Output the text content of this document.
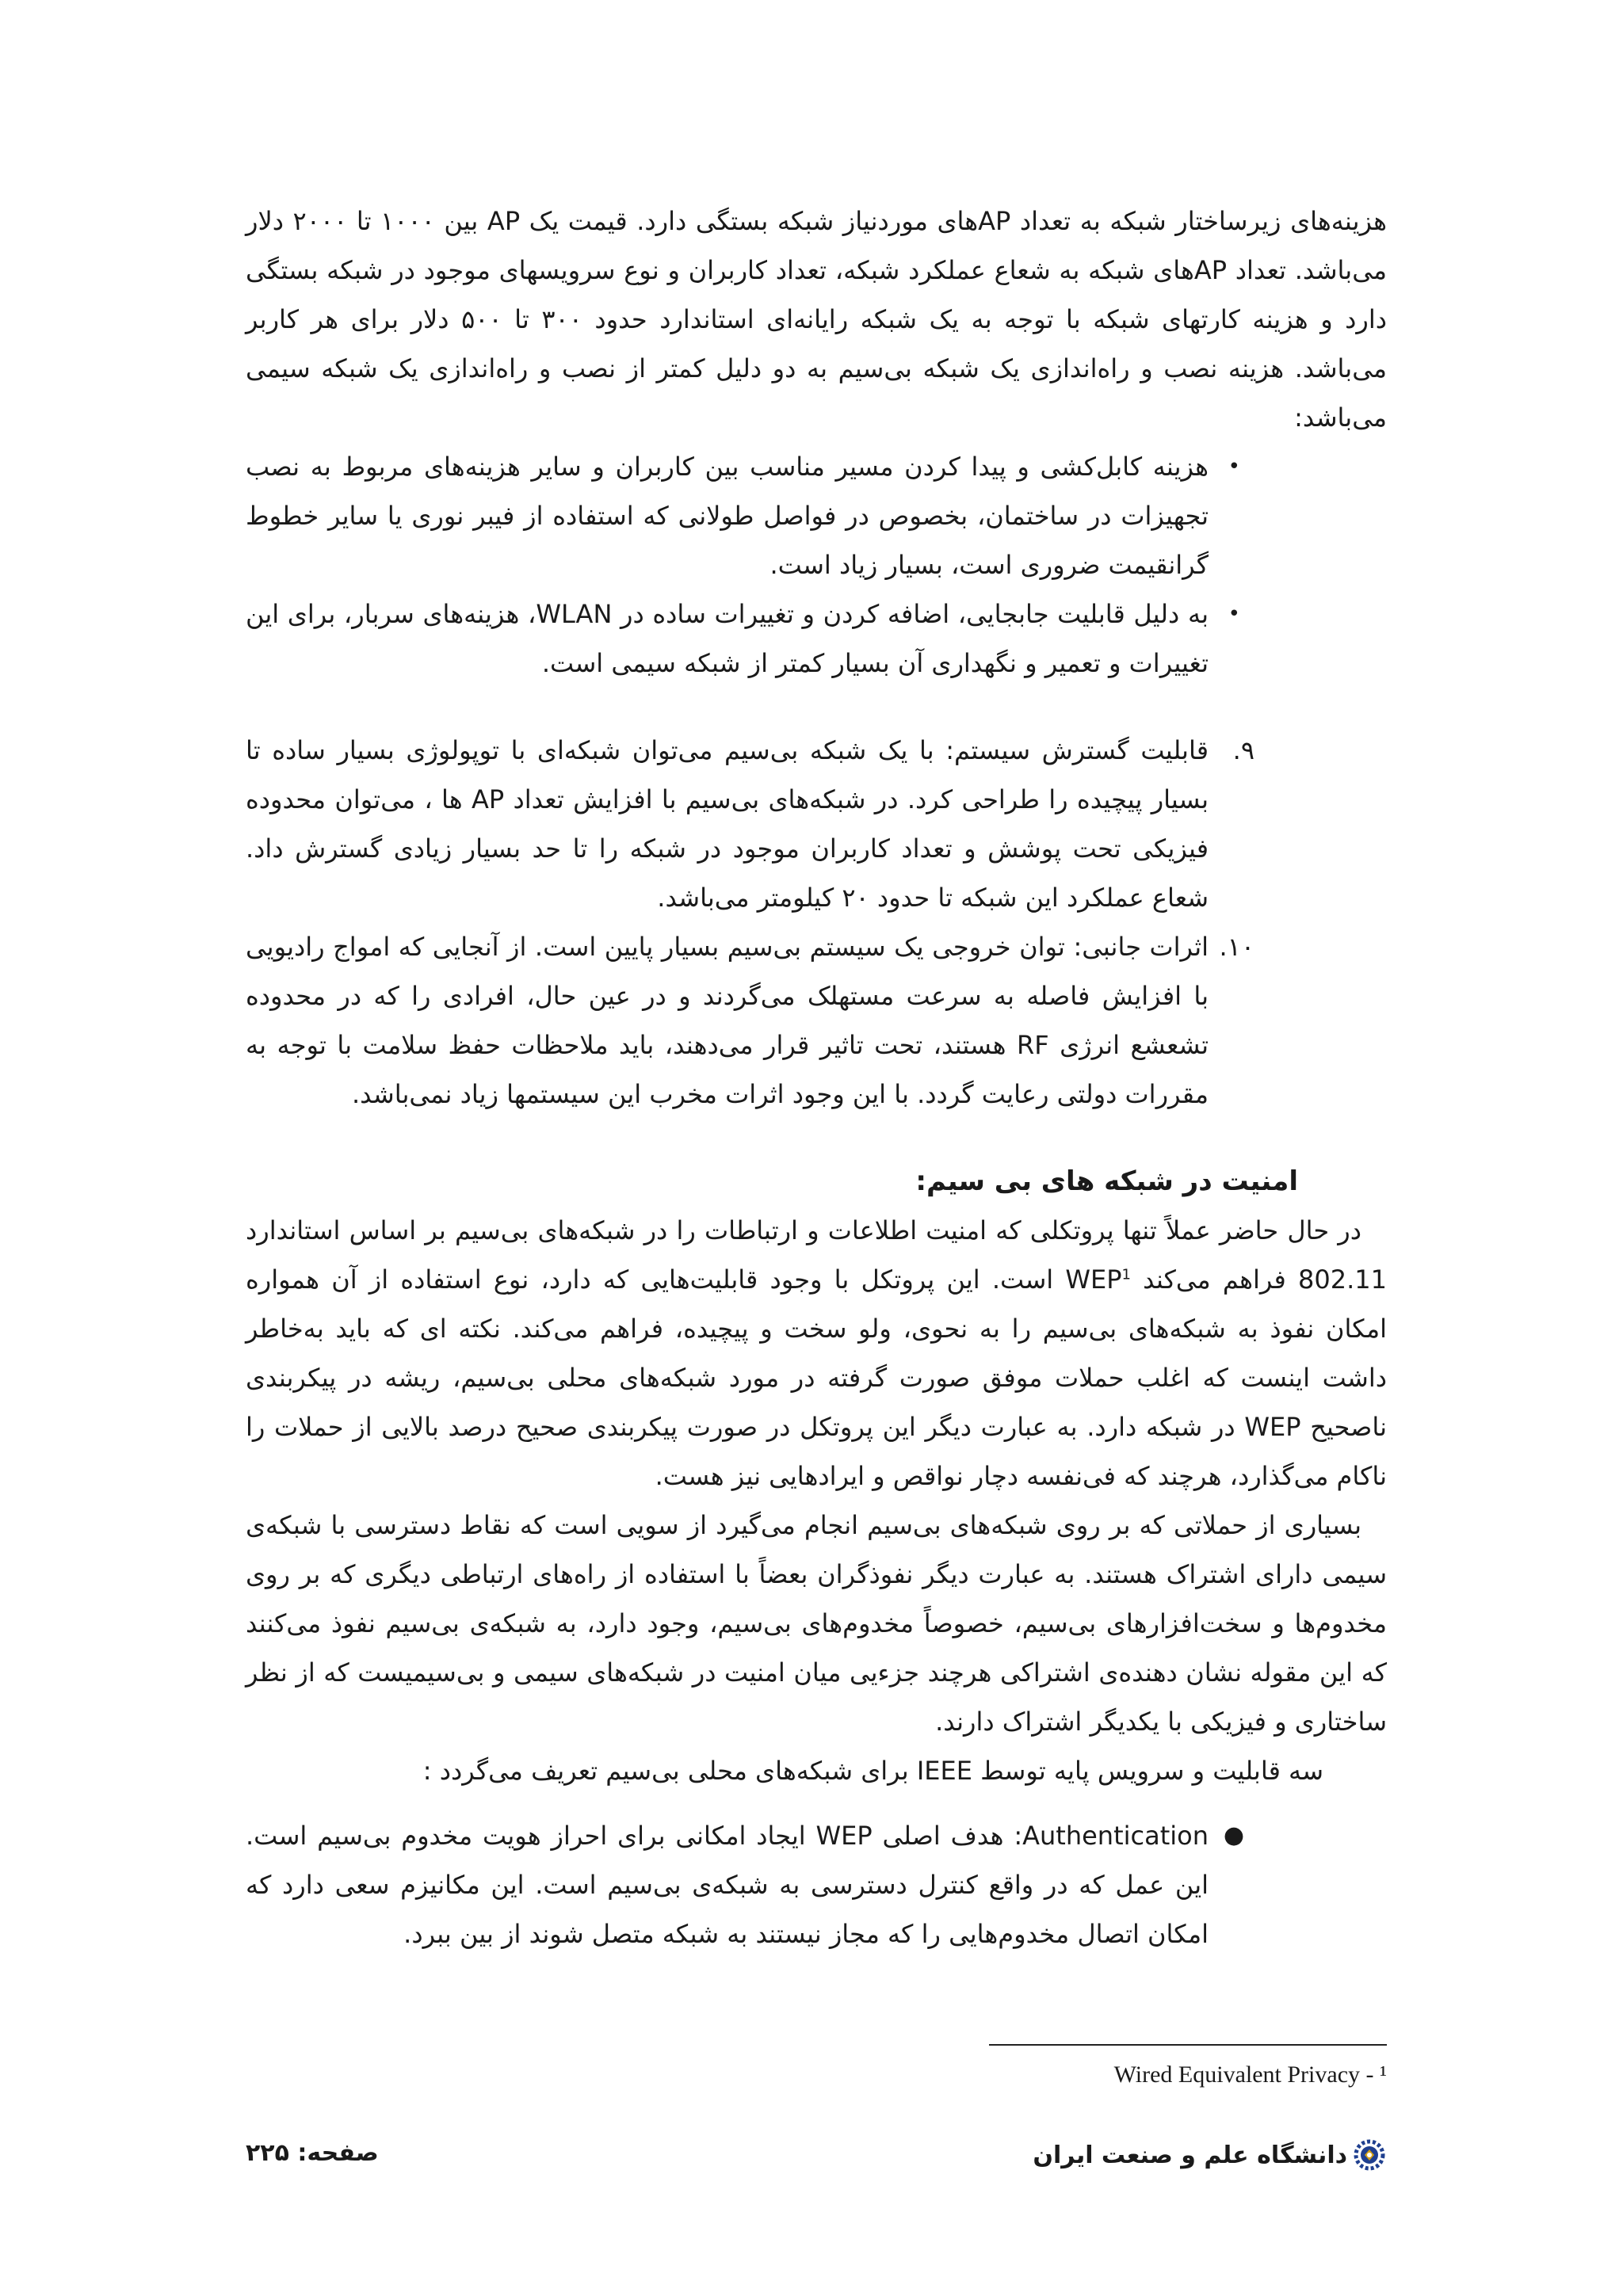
هزینه‌های زیرساختار شبکه به تعداد APهای موردنیاز شبکه بستگی دارد. قیمت یک AP بین ۱۰۰۰ تا ۲۰۰۰ دلار می‌باشد. تعداد APهای شبکه به شعاع عملکرد شبکه، تعداد کاربران و نوع سرویسهای موجود در شبکه بستگی دارد و هزینه کارتهای شبکه با توجه به یک شبکه رایانه‌ای استاندارد حدود ۳۰۰ تا ۵۰۰ دلار برای هر کاربر می‌باشد. هزینه نصب و راه‌اندازی یک شبکه بی‌سیم به دو دلیل کمتر از نصب و راه‌اندازی یک شبکه سیمی می‌باشد:
•
هزینه کابل‌کشی و پیدا کردن مسیر مناسب بین کاربران و سایر هزینه‌های مربوط به نصب تجهیزات در ساختمان، بخصوص در فواصل طولانی که استفاده از فیبر نوری یا سایر خطوط گرانقیمت ضروری است، بسیار زیاد است.
•
به دلیل قابلیت جابجایی، اضافه کردن و تغییرات ساده در WLAN، هزینه‌های سربار، برای این تغییرات و تعمیر و نگهداری آن بسیار کمتر از شبکه سیمی است.
۹.
قابلیت گسترش سیستم: با یک شبکه بی‌سیم می‌توان شبکه‌ای با توپولوژی بسیار ساده تا بسیار پیچیده را طراحی کرد. در شبکه‌های بی‌سیم با افزایش تعداد AP ها ، می‌توان محدوده فیزیکی تحت پوشش و تعداد کاربران موجود در شبکه را تا حد بسیار زیادی گسترش داد. شعاع عملکرد این شبکه تا حدود ۲۰ کیلومتر می‌باشد.
۱۰.
اثرات جانبی: توان خروجی یک سیستم بی‌سیم بسیار پایین است. از آنجایی که امواج رادیویی با افزایش فاصله به سرعت مستهلک می‌گردند و در عین حال، افرادی را که در محدوده تشعشع انرژی RF هستند، تحت تاثیر قرار می‌دهند، باید ملاحظات حفظ سلامت با توجه به مقررات دولتی رعایت گردد. با این وجود اثرات مخرب این سیستمها زیاد نمی‌باشد.
امنیت در شبکه های بی سیم:
در حال حاضر عملاً تنها پروتکلی که امنیت اطلاعات و ارتباطات را در شبکه‌های بی‌سیم بر اساس استاندارد 802.11 فراهم می‌کند WEP$^1$ است. این پروتکل با وجود قابلیت‌هایی که دارد، نوع استفاده از آن همواره امکان نفوذ به شبکه‌های بی‌سیم را به نحوی، ولو سخت و پیچیده، فراهم می‌کند. نکته ای که باید به‌خاطر داشت اینست که اغلب حملات موفق صورت گرفته در مورد شبکه‌های محلی بی‌سیم، ریشه در پیکربندی ناصحیح WEP در شبکه دارد. به عبارت دیگر این پروتکل در صورت پیکربندی صحیح درصد بالایی از حملات را ناکام می‌گذارد، هرچند که فی‌نفسه دچار نواقص و ایرادهایی نیز هست.
بسیاری از حملاتی که بر روی شبکه‌های بی‌سیم انجام می‌گیرد از سویی است که نقاط دسترسی با شبکه‌ی سیمی دارای اشتراک هستند. به عبارت دیگر نفوذگران بعضاً با استفاده از راه‌های ارتباطی دیگری که بر روی مخدوم‌ها و سخت‌افزارهای بی‌سیم، خصوصاً مخدوم‌های بی‌سیم، وجود دارد، به شبکه‌ی بی‌سیم نفوذ می‌کنند که این مقوله نشان دهنده‌ی اشتراکی هرچند جزءیی میان امنیت در شبکه‌های سیمی و بی‌سیمیست که از نظر ساختاری و فیزیکی با یکدیگر اشتراک دارند.
سه قابلیت و سرویس پایه توسط IEEE برای شبکه‌های محلی بی‌سیم تعریف می‌گردد :
●
Authentication: هدف اصلی WEP ایجاد امکانی برای احراز هویت مخدوم بی‌سیم است. این عمل که در واقع کنترل دسترسی به شبکه‌ی بی‌سیم است. این مکانیزم سعی دارد که امکان اتصال مخدوم‌هایی را که مجاز نیستند به شبکه متصل شوند از بین ببرد.
Wired Equivalent Privacy - ¹
دانشگاه علم و صنعت ایران
صفحه: ۲۲۵
